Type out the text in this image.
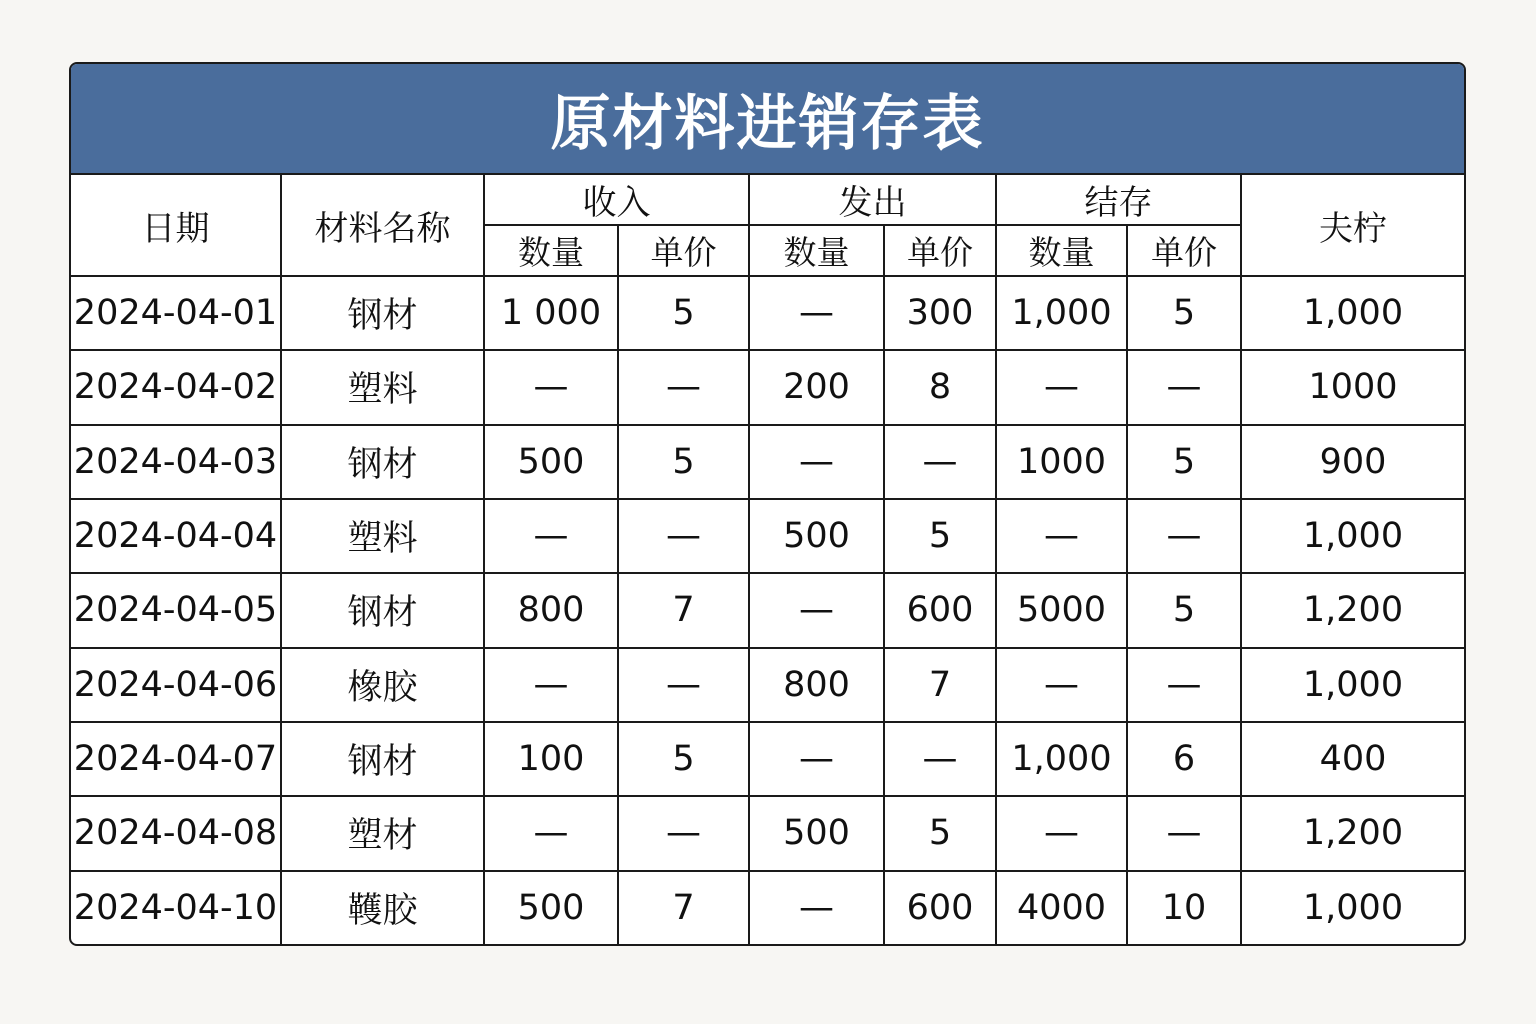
原材料进销存表
日期	材料名称	收入		发出		结存		夫柠
		数量	单价	数量	单价	数量	单价	
2024-04-01	钢材	1 000	5	—	300	1,000	5	1,000
2024-04-02	塑料	—	—	200	8	—	—	1000
2024-04-03	钢材	500	5	—	—	1000	5	900
2024-04-04	塑料	—	—	500	5	—	—	1,000
2024-04-05	钢材	800	7	—	600	5000	5	1,200
2024-04-06	橡胶	—	—	800	7	—	—	1,000
2024-04-07	钢材	100	5	—	—	1,000	6	400
2024-04-08	塑材	—	—	500	5	—	—	1,200
2024-04-10	韄胶	500	7	—	600	4000	10	1,000
